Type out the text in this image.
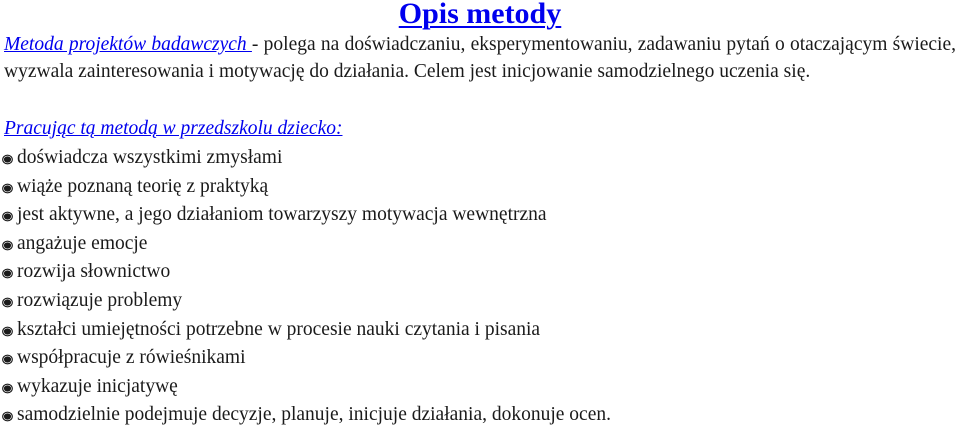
Opis metody

Metoda projektów badawczych - polega na doświadczaniu, eksperymentowaniu, zadawaniu pytań o otaczającym świecie, wyzwala zainteresowania i motywację do działania. Celem jest inicjowanie samodzielnego uczenia się.

Pracując tą metodą w przedszkolu dziecko:
doświadcza wszystkimi zmysłami
wiąże poznaną teorię z praktyką
jest aktywne, a jego działaniom towarzyszy motywacja wewnętrzna
angażuje emocje
rozwija słownictwo
rozwiązuje problemy
kształci umiejętności potrzebne w procesie nauki czytania i pisania
współpracuje z rówieśnikami
wykazuje inicjatywę
samodzielnie podejmuje decyzje, planuje, inicjuje działania, dokonuje ocen.
